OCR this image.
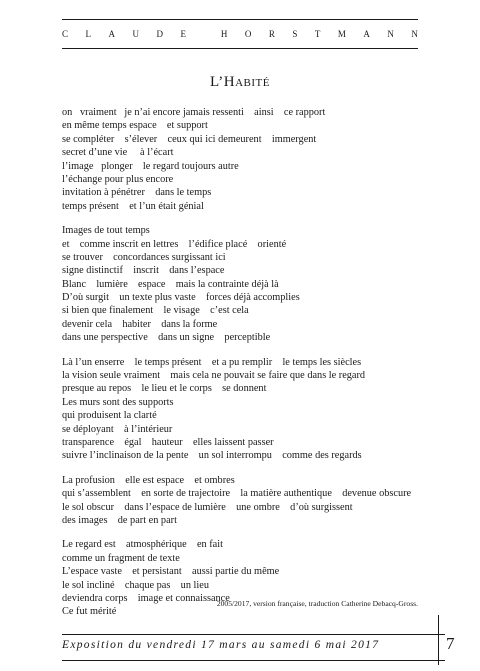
C L A U D E	H O R S T M A N N
L’Habité
on   vraiment   je n’ai encore jamais ressenti    ainsi    ce rapport
en même temps espace    et support
se compléter    s’élever    ceux qui ici demeurent    immergent
secret d’une vie     à l’écart
l’image   plonger    le regard toujours autre
l’échange pour plus encore
invitation à pénétrer    dans le temps
temps présent    et l’un était génial
Images de tout temps
et    comme inscrit en lettres    l’édifice placé    orienté
se trouver    concordances surgissant ici
signe distinctif    inscrit    dans l’espace
Blanc    lumière    espace    mais la contrainte déjà là
D’où surgit    un texte plus vaste    forces déjà accomplies
si bien que finalement    le visage    c’est cela
devenir cela    habiter    dans la forme
dans une perspective    dans un signe    perceptible
Là l’un enserre    le temps présent    et a pu remplir    le temps les siècles
la vision seule vraiment    mais cela ne pouvait se faire que dans le regard
presque au repos    le lieu et le corps    se donnent
Les murs sont des supports
qui produisent la clarté
se déployant    à l’intérieur
transparence    égal    hauteur    elles laissent passer
suivre l’inclinaison de la pente    un sol interrompu    comme des regards
La profusion    elle est espace    et ombres
qui s’assemblent    en sorte de trajectoire    la matière authentique    devenue obscure
le sol obscur    dans l’espace de lumière    une ombre    d’où surgissent
des images    de part en part
Le regard est    atmosphérique    en fait
comme un fragment de texte
L’espace vaste    et persistant    aussi partie du même
le sol incliné    chaque pas    un lieu
deviendra corps    image et connaissance
Ce fut mérité
2005/2017, version française, traduction Catherine Debacq-Gross.
Exposition du vendredi 17 mars au samedi 6 mai 2017	7
